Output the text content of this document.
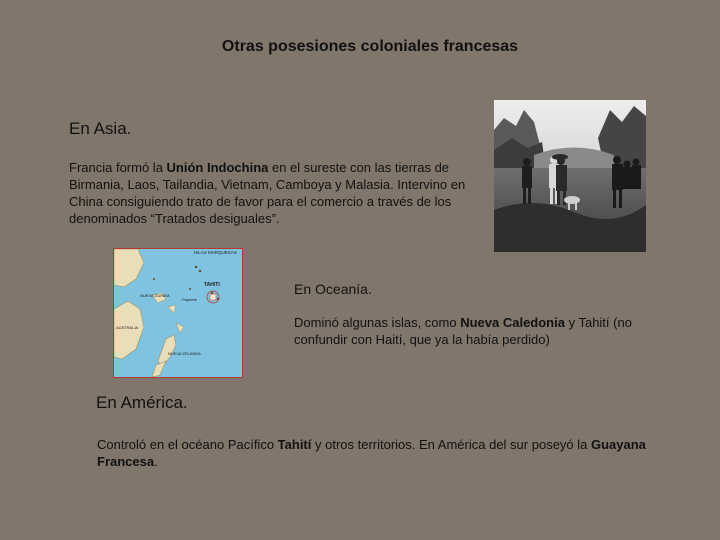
Otras posesiones coloniales francesas
En Asia.
Francia formó la Unión Indochina en el sureste con las tierras de Birmania, Laos, Tailandia, Vietnam, Camboya y Malasia. Intervino en China consiguiendo trato de favor para el comercio a través de los denominados “Tratados desiguales”.
ISLAS MARQUESAS
TAHITI
Papeete
NUEVA GUINEA
AUSTRALIA
NUEVA ZELANDA
En Oceanía.
Dominó algunas islas, como Nueva Caledonia y Tahití (no confundir con Haití, que ya la había perdido)
En América.
Controló en el océano Pacífico Tahití y otros territorios. En América del sur poseyó la Guayana Francesa.
